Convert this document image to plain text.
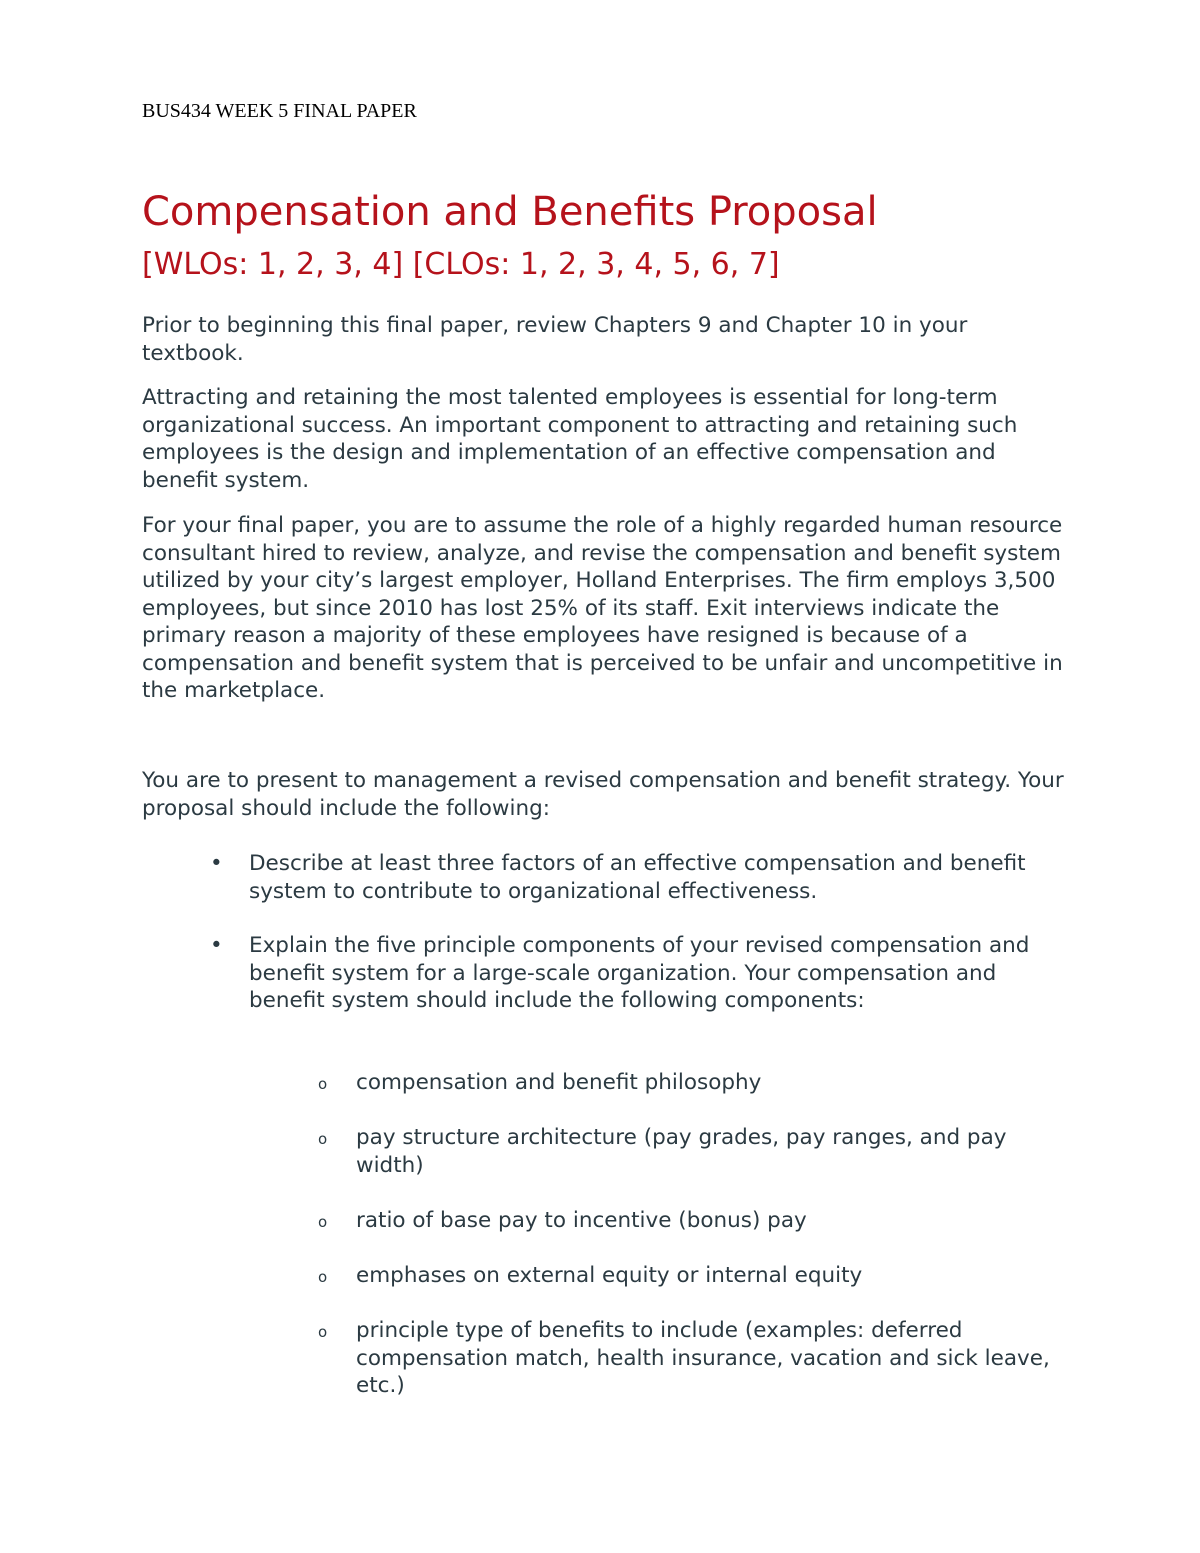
BUS434 WEEK 5 FINAL PAPER
Compensation and Benefits Proposal
[WLOs: 1, 2, 3, 4] [CLOs: 1, 2, 3, 4, 5, 6, 7]

Prior to beginning this final paper, review Chapters 9 and Chapter 10 in your textbook.

Attracting and retaining the most talented employees is essential for long-term organizational success. An important component to attracting and retaining such employees is the design and implementation of an effective compensation and benefit system.

For your final paper, you are to assume the role of a highly regarded human resource consultant hired to review, analyze, and revise the compensation and benefit system utilized by your city’s largest employer, Holland Enterprises. The firm employs 3,500 employees, but since 2010 has lost 25% of its staff. Exit interviews indicate the primary reason a majority of these employees have resigned is because of a compensation and benefit system that is perceived to be unfair and uncompetitive in the marketplace.

You are to present to management a revised compensation and benefit strategy. Your proposal should include the following:

• Describe at least three factors of an effective compensation and benefit system to contribute to organizational effectiveness.

• Explain the five principle components of your revised compensation and benefit system for a large-scale organization. Your compensation and benefit system should include the following components:

o compensation and benefit philosophy

o pay structure architecture (pay grades, pay ranges, and pay width)

o ratio of base pay to incentive (bonus) pay

o emphases on external equity or internal equity

o principle type of benefits to include (examples: deferred compensation match, health insurance, vacation and sick leave, etc.)
